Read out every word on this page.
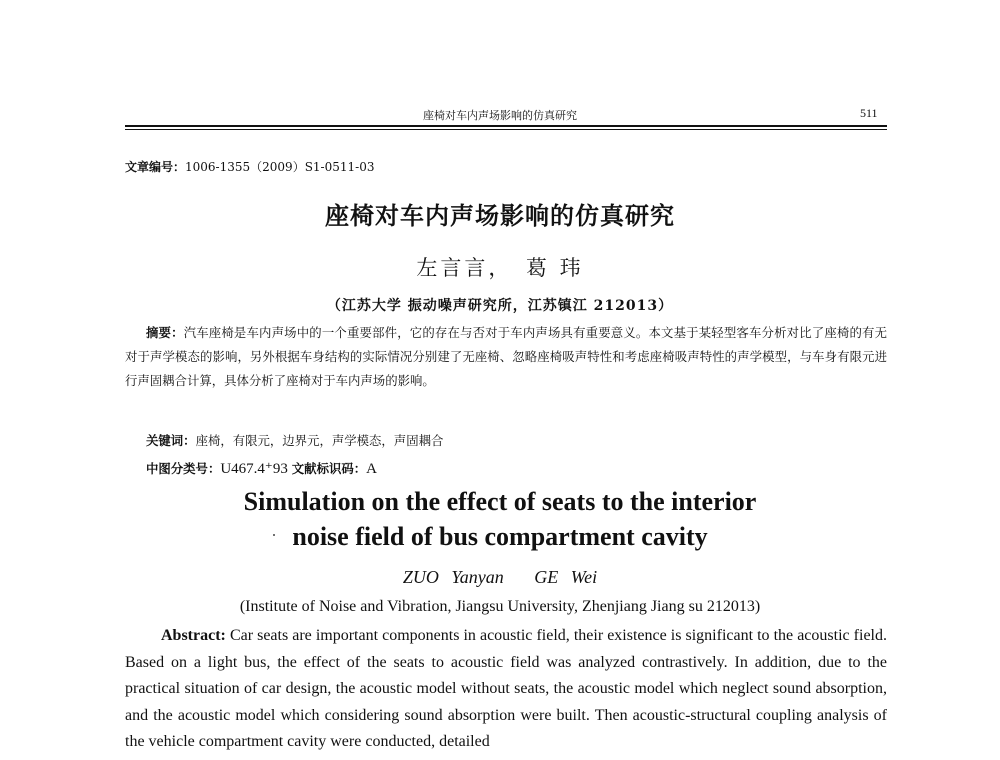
座椅对车内声场影响的仿真研究	511
文章编号：1006-1355（2009）S1-0511-03
座椅对车内声场影响的仿真研究
左言言，　葛 玮
（江苏大学 振动噪声研究所，江苏镇江 212013）
摘要：汽车座椅是车内声场中的一个重要部件，它的存在与否对于车内声场具有重要意义。本文基于某轻型客车分析对比了座椅的有无对于声学模态的影响，另外根据车身结构的实际情况分别建了无座椅、忽略座椅吸声特性和考虑座椅吸声特性的声学模型，与车身有限元进行声固耦合计算，具体分析了座椅对于车内声场的影响。
关键词：座椅，有限元，边界元，声学模态，声固耦合
中图分类号：U467.4⁺93 文献标识码：A
Simulation on the effect of seats to the interior
noise field of bus compartment cavity
ZUO Yanyan　 GE Wei
(Institute of Noise and Vibration, Jiangsu University, Zhenjiang Jiang su 212013)
Abstract: Car seats are important components in acoustic field, their existence is significant to the acoustic field. Based on a light bus, the effect of the seats to acoustic field was analyzed contrastively. In addition, due to the practical situation of car design, the acoustic model without seats, the acoustic model which neglect sound absorption, and the acoustic model which considering sound absorption were built. Then acoustic-structural coupling analysis of the vehicle compartment cavity were conducted, detailed
